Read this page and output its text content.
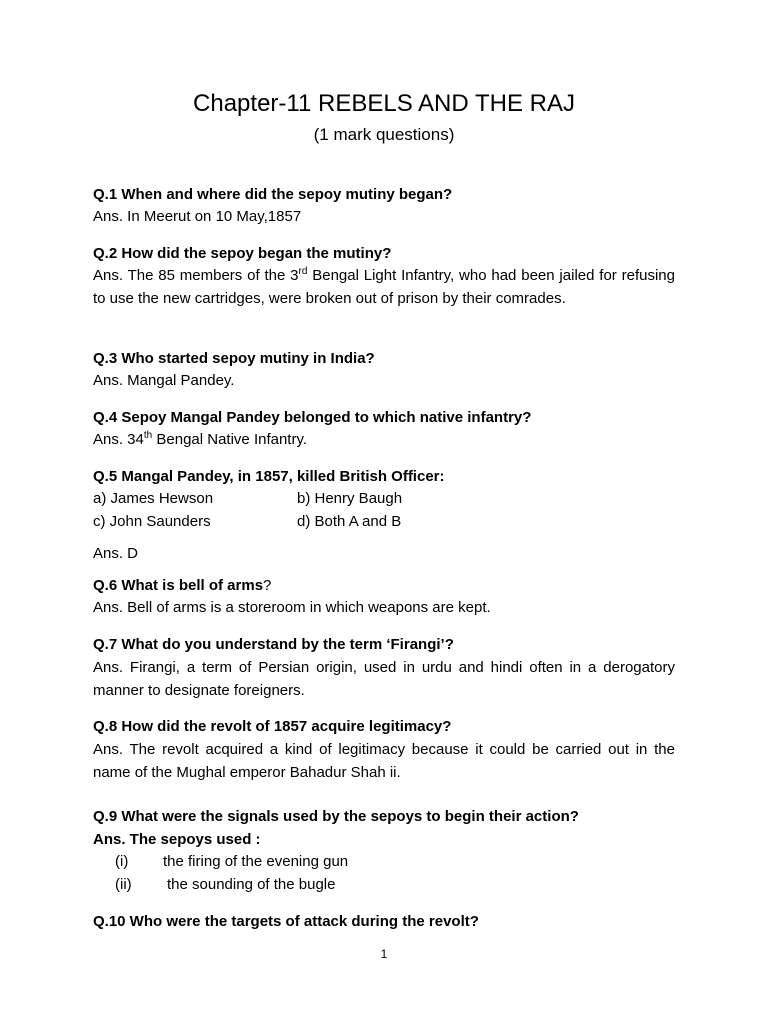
Chapter-11 REBELS AND THE RAJ
(1 mark questions)
Q.1 When and where did the sepoy mutiny began?
Ans. In Meerut on 10 May,1857
Q.2 How did the sepoy began the mutiny?
Ans. The 85 members of the 3rd Bengal Light Infantry, who had been jailed for refusing to use the new cartridges, were broken out of prison by their comrades.
Q.3 Who started sepoy mutiny in India?
Ans. Mangal Pandey.
Q.4 Sepoy Mangal Pandey belonged to which native infantry?
Ans. 34th Bengal Native Infantry.
Q.5 Mangal Pandey, in 1857, killed British Officer:
a) James Hewson	b) Henry Baugh
c) John Saunders	d) Both A and B
Ans. D
Q.6 What is bell of arms?
Ans. Bell of arms is a storeroom in which weapons are kept.
Q.7 What do you understand by the term ‘Firangi’?
Ans. Firangi, a term of Persian origin, used in urdu and hindi often in a derogatory manner to designate foreigners.
Q.8 How did the revolt of 1857 acquire legitimacy?
Ans. The revolt acquired a kind of legitimacy because it could be carried out in the name of the Mughal emperor Bahadur Shah ii.
Q.9 What were the signals used by the sepoys to begin their action?
Ans. The sepoys used :
(i) the firing of the evening gun
(ii) the sounding of the bugle
Q.10 Who were the targets of attack during the revolt?
1
